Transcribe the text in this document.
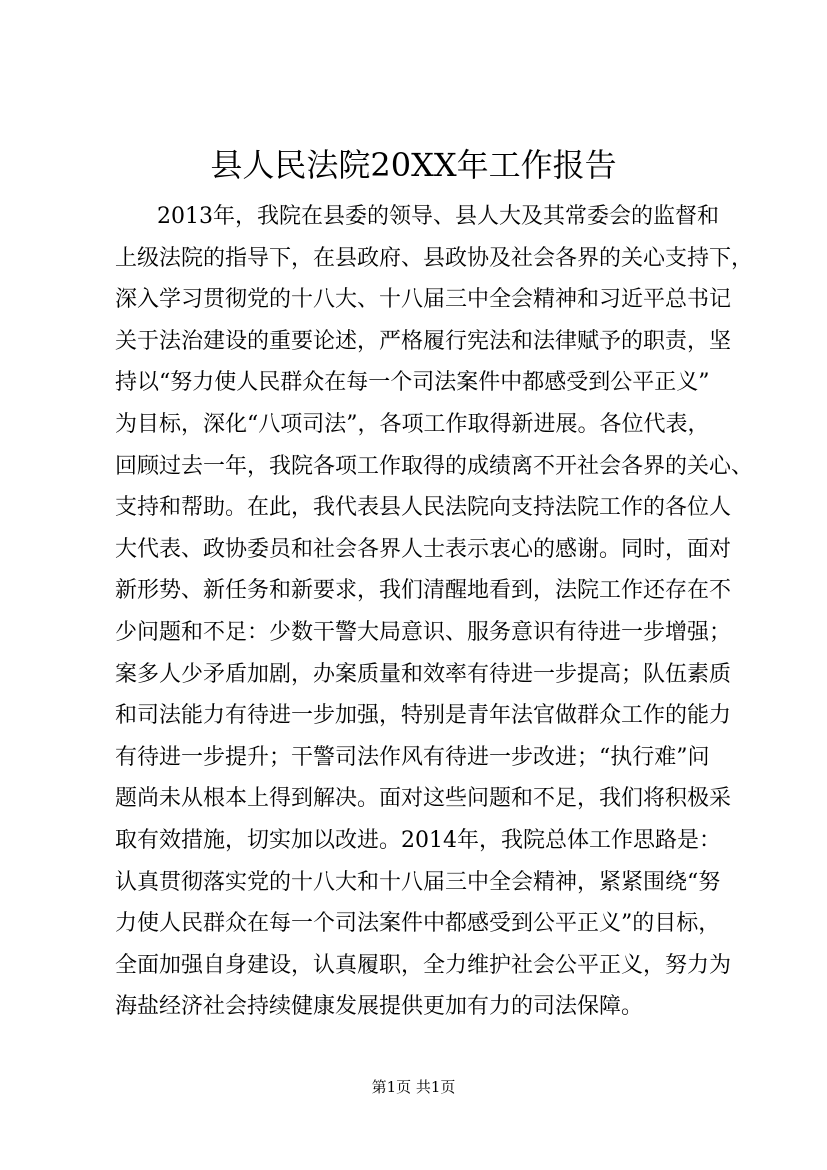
县人民法院20XX年工作报告
2013年，我院在县委的领导、县人大及其常委会的监督和
上级法院的指导下，在县政府、县政协及社会各界的关心支持下，
深入学习贯彻党的十八大、十八届三中全会精神和习近平总书记
关于法治建设的重要论述，严格履行宪法和法律赋予的职责，坚
持以“努力使人民群众在每一个司法案件中都感受到公平正义”
为目标，深化“八项司法”，各项工作取得新进展。各位代表，
回顾过去一年，我院各项工作取得的成绩离不开社会各界的关心、
支持和帮助。在此，我代表县人民法院向支持法院工作的各位人
大代表、政协委员和社会各界人士表示衷心的感谢。同时，面对
新形势、新任务和新要求，我们清醒地看到，法院工作还存在不
少问题和不足：少数干警大局意识、服务意识有待进一步增强；
案多人少矛盾加剧，办案质量和效率有待进一步提高；队伍素质
和司法能力有待进一步加强，特别是青年法官做群众工作的能力
有待进一步提升；干警司法作风有待进一步改进；“执行难”问
题尚未从根本上得到解决。面对这些问题和不足，我们将积极采
取有效措施，切实加以改进。2014年，我院总体工作思路是：
认真贯彻落实党的十八大和十八届三中全会精神，紧紧围绕“努
力使人民群众在每一个司法案件中都感受到公平正义”的目标，
全面加强自身建设，认真履职，全力维护社会公平正义，努力为
海盐经济社会持续健康发展提供更加有力的司法保障。
第1页 共1页
